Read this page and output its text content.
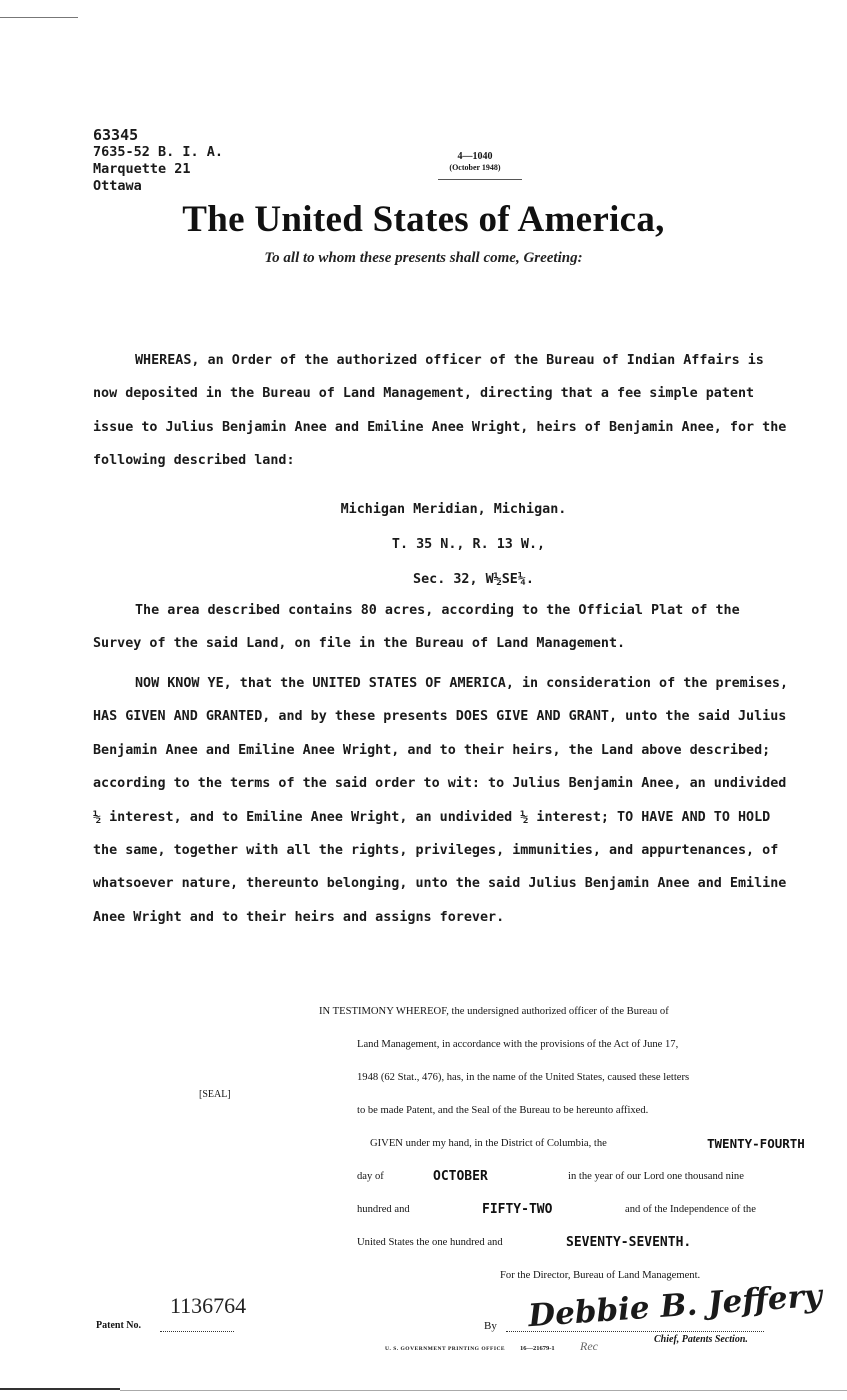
63345
7635-52 B. I. A.
Marquette 21
Ottawa
4—1040
(October 1948)
The United States of America,
To all to whom these presents shall come, Greeting:
WHEREAS, an Order of the authorized officer of the Bureau of Indian Affairs is now deposited in the Bureau of Land Management, directing that a fee simple patent issue to Julius Benjamin Anee and Emiline Anee Wright, heirs of Benjamin Anee, for the following described land:
Michigan Meridian, Michigan.
T. 35 N., R. 13 W.,
Sec. 32, W½SE¼.
The area described contains 80 acres, according to the Official Plat of the Survey of the said Land, on file in the Bureau of Land Management.
NOW KNOW YE, that the UNITED STATES OF AMERICA, in consideration of the premises, HAS GIVEN AND GRANTED, and by these presents DOES GIVE AND GRANT, unto the said Julius Benjamin Anee and Emiline Anee Wright, and to their heirs, the Land above described; according to the terms of the said order to wit: to Julius Benjamin Anee, an undivided ½ interest, and to Emiline Anee Wright, an undivided ½ interest; TO HAVE AND TO HOLD the same, together with all the rights, privileges, immunities, and appurtenances, of whatsoever nature, thereunto belonging, unto the said Julius Benjamin Anee and Emiline Anee Wright and to their heirs and assigns forever.
IN TESTIMONY WHEREOF, the undersigned authorized officer of the Bureau of
Land Management, in accordance with the provisions of the Act of June 17,
1948 (62 Stat., 476), has, in the name of the United States, caused these letters
to be made Patent, and the Seal of the Bureau to be hereunto affixed.
GIVEN under my hand, in the District of Columbia, the	TWENTY-FOURTH
day of	OCTOBER	in the year of our Lord one thousand nine
hundred and	FIFTY-TWO	and of the Independence of the
United States the one hundred and	SEVENTY-SEVENTH.
[SEAL]
For the Director, Bureau of Land Management.
1136764
Patent No.	By Debbie B. Jeffery
Chief, Patents Section.
U. S. GOVERNMENT PRINTING OFFICE 16—21679-1 Rec
